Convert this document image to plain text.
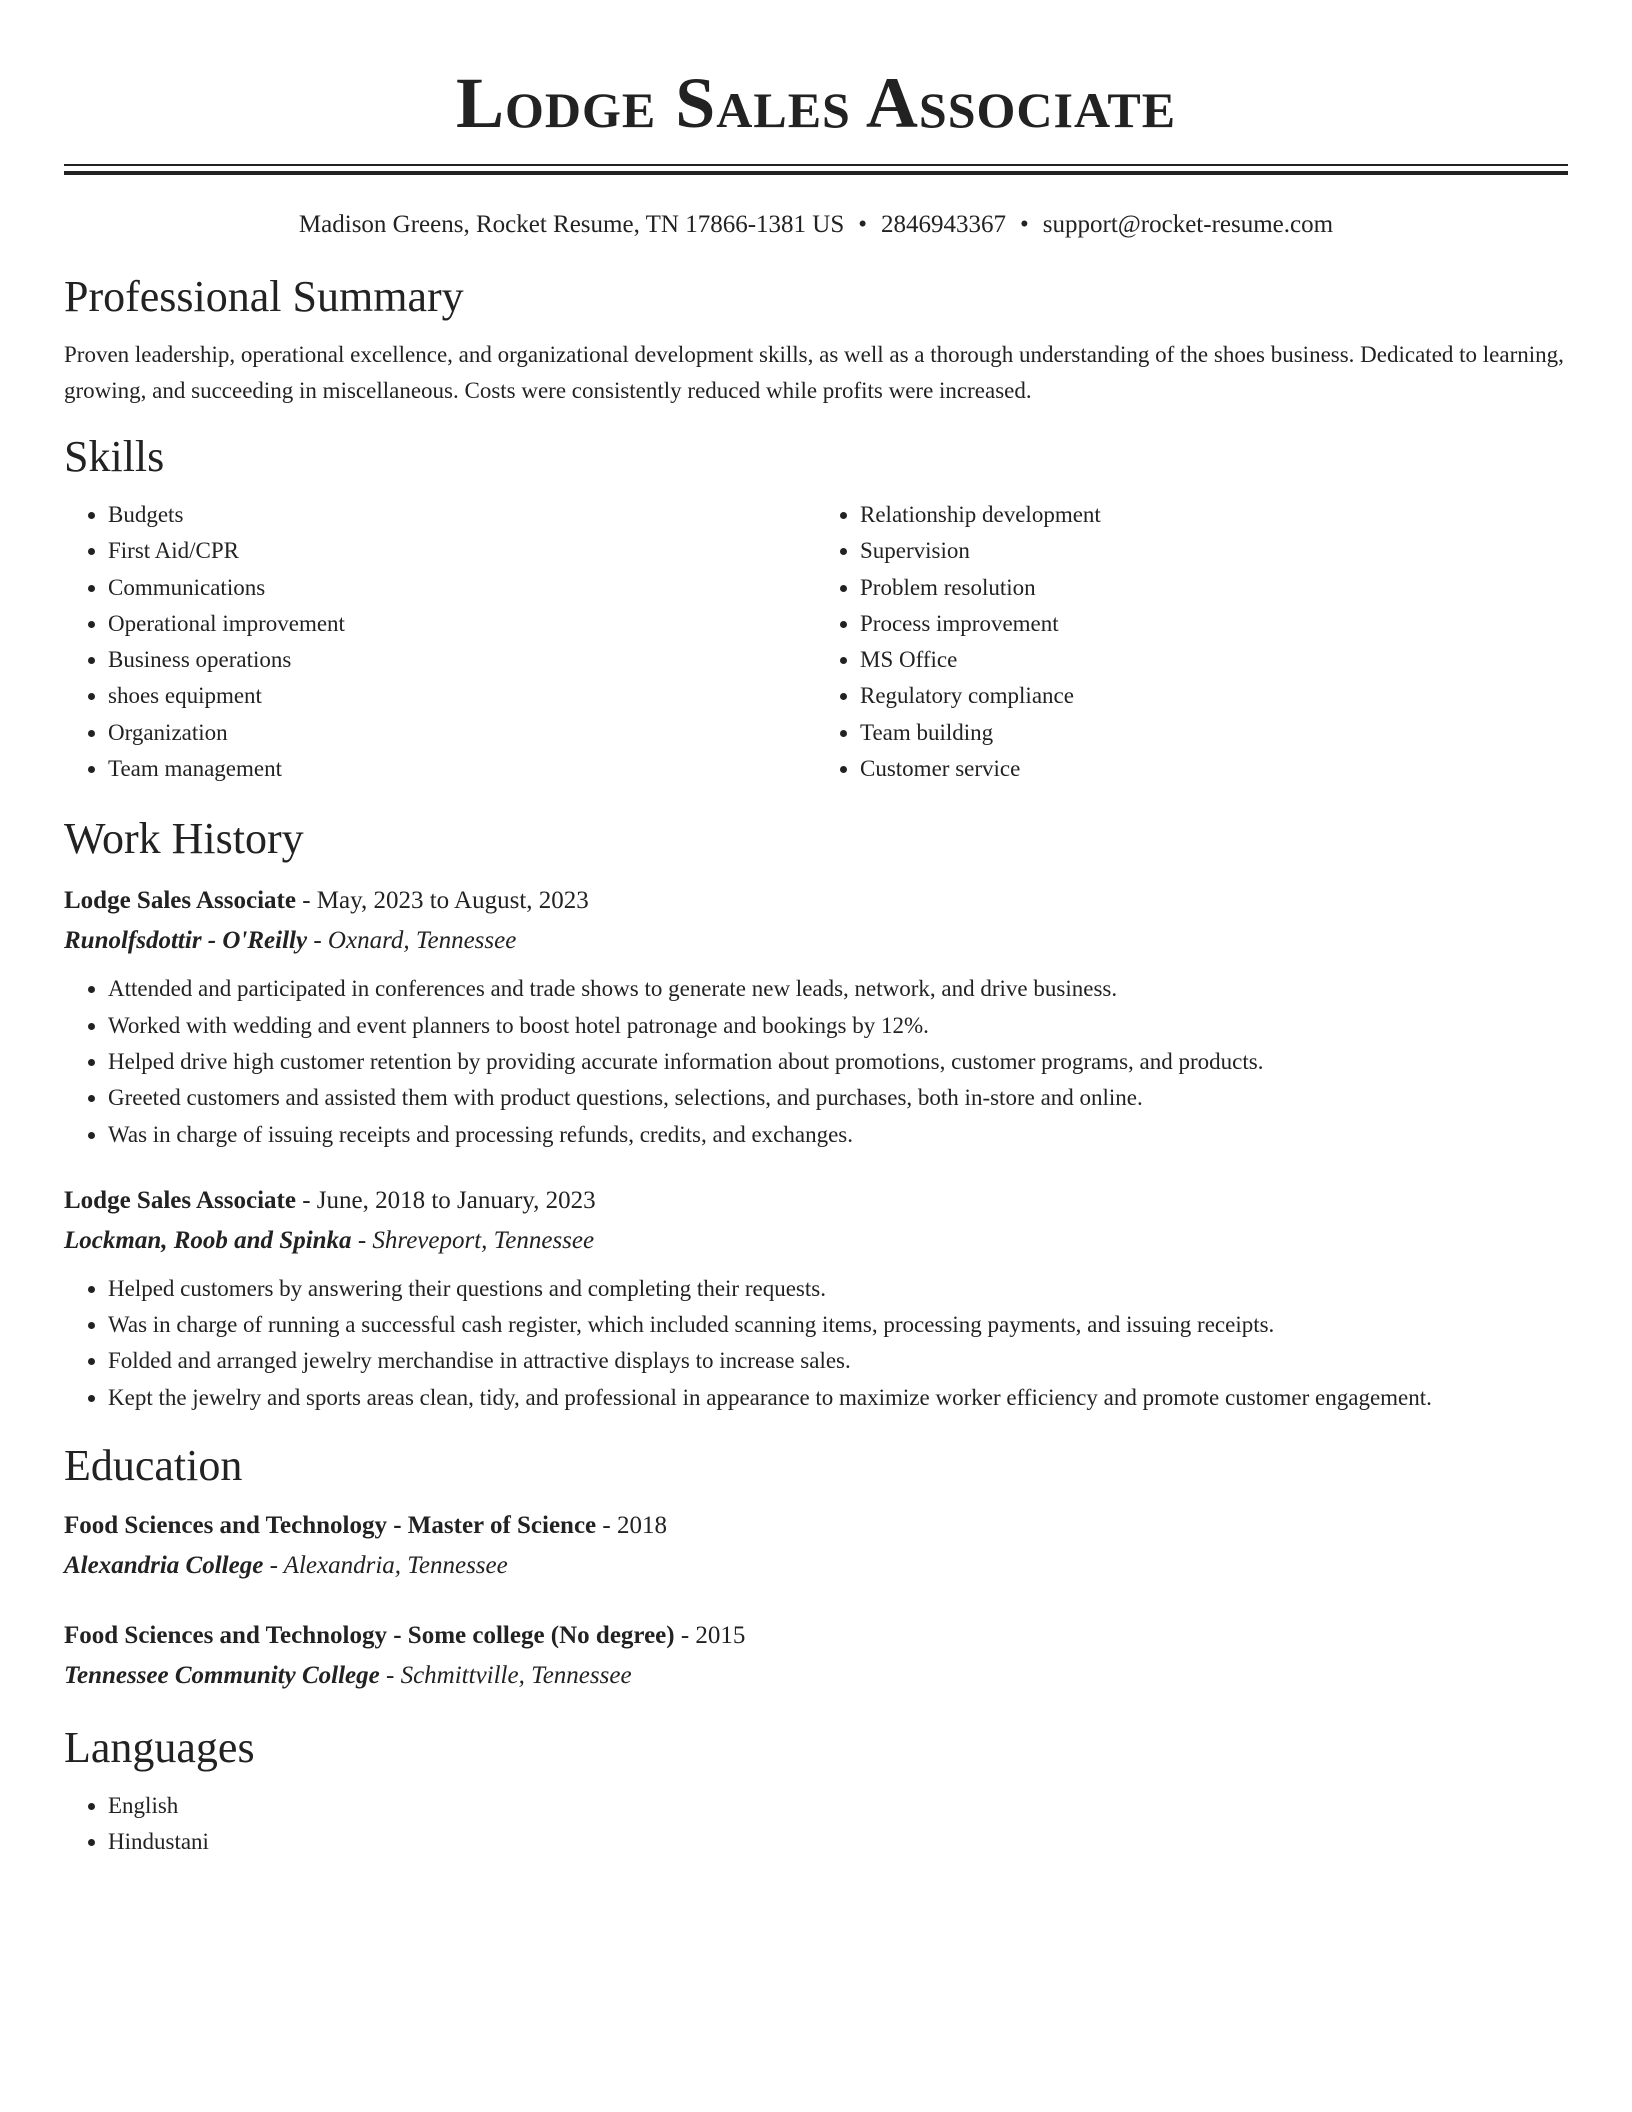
Lodge Sales Associate
Madison Greens, Rocket Resume, TN 17866-1381 US • 2846943367 • support@rocket-resume.com
Professional Summary

Proven leadership, operational excellence, and organizational development skills, as well as a thorough understanding of the shoes business. Dedicated to learning, growing, and succeeding in miscellaneous. Costs were consistently reduced while profits were increased.

Skills
• Budgets
• First Aid/CPR
• Communications
• Operational improvement
• Business operations
• shoes equipment
• Organization
• Team management
• Relationship development
• Supervision
• Problem resolution
• Process improvement
• MS Office
• Regulatory compliance
• Team building
• Customer service
Work History
Lodge Sales Associate - May, 2023 to August, 2023
Runolfsdottir - O'Reilly - Oxnard, Tennessee
• Attended and participated in conferences and trade shows to generate new leads, network, and drive business.
• Worked with wedding and event planners to boost hotel patronage and bookings by 12%.
• Helped drive high customer retention by providing accurate information about promotions, customer programs, and products.
• Greeted customers and assisted them with product questions, selections, and purchases, both in-store and online.
• Was in charge of issuing receipts and processing refunds, credits, and exchanges.
Lodge Sales Associate - June, 2018 to January, 2023
Lockman, Roob and Spinka - Shreveport, Tennessee
• Helped customers by answering their questions and completing their requests.
• Was in charge of running a successful cash register, which included scanning items, processing payments, and issuing receipts.
• Folded and arranged jewelry merchandise in attractive displays to increase sales.
• Kept the jewelry and sports areas clean, tidy, and professional in appearance to maximize worker efficiency and promote customer engagement.
Education
Food Sciences and Technology - Master of Science - 2018
Alexandria College - Alexandria, Tennessee
Food Sciences and Technology - Some college (No degree) - 2015
Tennessee Community College - Schmittville, Tennessee
Languages
• English
• Hindustani
